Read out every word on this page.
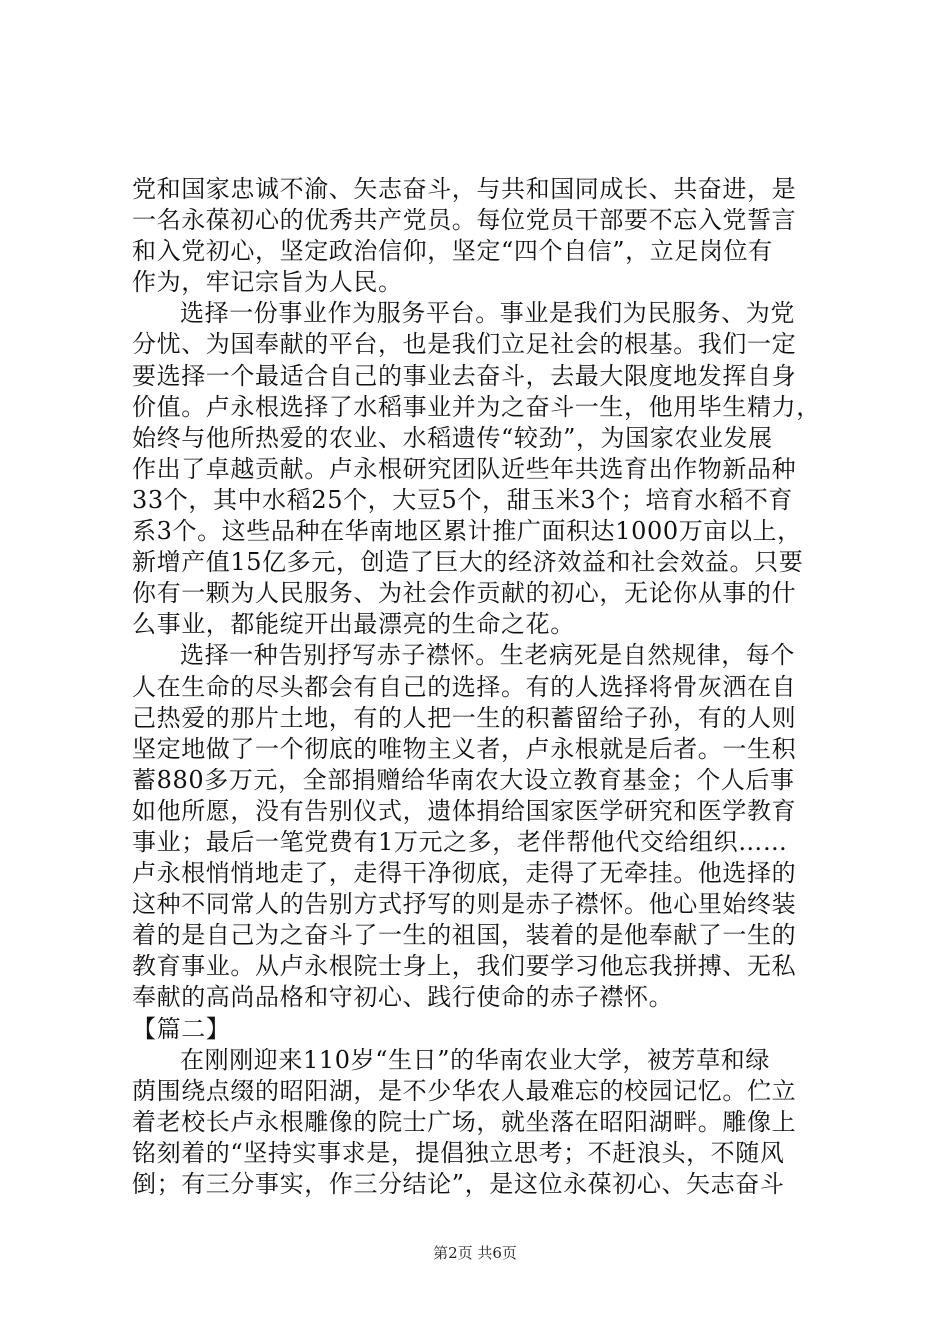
党和国家忠诚不渝、矢志奋斗，与共和国同成长、共奋进，是
一名永葆初心的优秀共产党员。每位党员干部要不忘入党誓言
和入党初心，坚定政治信仰，坚定“四个自信”，立足岗位有
作为，牢记宗旨为人民。
选择一份事业作为服务平台。事业是我们为民服务、为党
分忧、为国奉献的平台，也是我们立足社会的根基。我们一定
要选择一个最适合自己的事业去奋斗，去最大限度地发挥自身
价值。卢永根选择了水稻事业并为之奋斗一生，他用毕生精力，
始终与他所热爱的农业、水稻遗传“较劲”，为国家农业发展
作出了卓越贡献。卢永根研究团队近些年共选育出作物新品种
33个，其中水稻25个，大豆5个，甜玉米3个；培育水稻不育
系3个。这些品种在华南地区累计推广面积达1000万亩以上，
新增产值15亿多元，创造了巨大的经济效益和社会效益。只要
你有一颗为人民服务、为社会作贡献的初心，无论你从事的什
么事业，都能绽开出最漂亮的生命之花。
选择一种告别抒写赤子襟怀。生老病死是自然规律，每个
人在生命的尽头都会有自己的选择。有的人选择将骨灰洒在自
己热爱的那片土地，有的人把一生的积蓄留给子孙，有的人则
坚定地做了一个彻底的唯物主义者，卢永根就是后者。一生积
蓄880多万元，全部捐赠给华南农大设立教育基金；个人后事
如他所愿，没有告别仪式，遗体捐给国家医学研究和医学教育
事业；最后一笔党费有1万元之多，老伴帮他代交给组织……
卢永根悄悄地走了，走得干净彻底，走得了无牵挂。他选择的
这种不同常人的告别方式抒写的则是赤子襟怀。他心里始终装
着的是自己为之奋斗了一生的祖国，装着的是他奉献了一生的
教育事业。从卢永根院士身上，我们要学习他忘我拼搏、无私
奉献的高尚品格和守初心、践行使命的赤子襟怀。
【篇二】
在刚刚迎来110岁“生日”的华南农业大学，被芳草和绿
荫围绕点缀的昭阳湖，是不少华农人最难忘的校园记忆。伫立
着老校长卢永根雕像的院士广场，就坐落在昭阳湖畔。雕像上
铭刻着的“坚持实事求是，提倡独立思考；不赶浪头，不随风
倒；有三分事实，作三分结论”，是这位永葆初心、矢志奋斗
第2页 共6页
